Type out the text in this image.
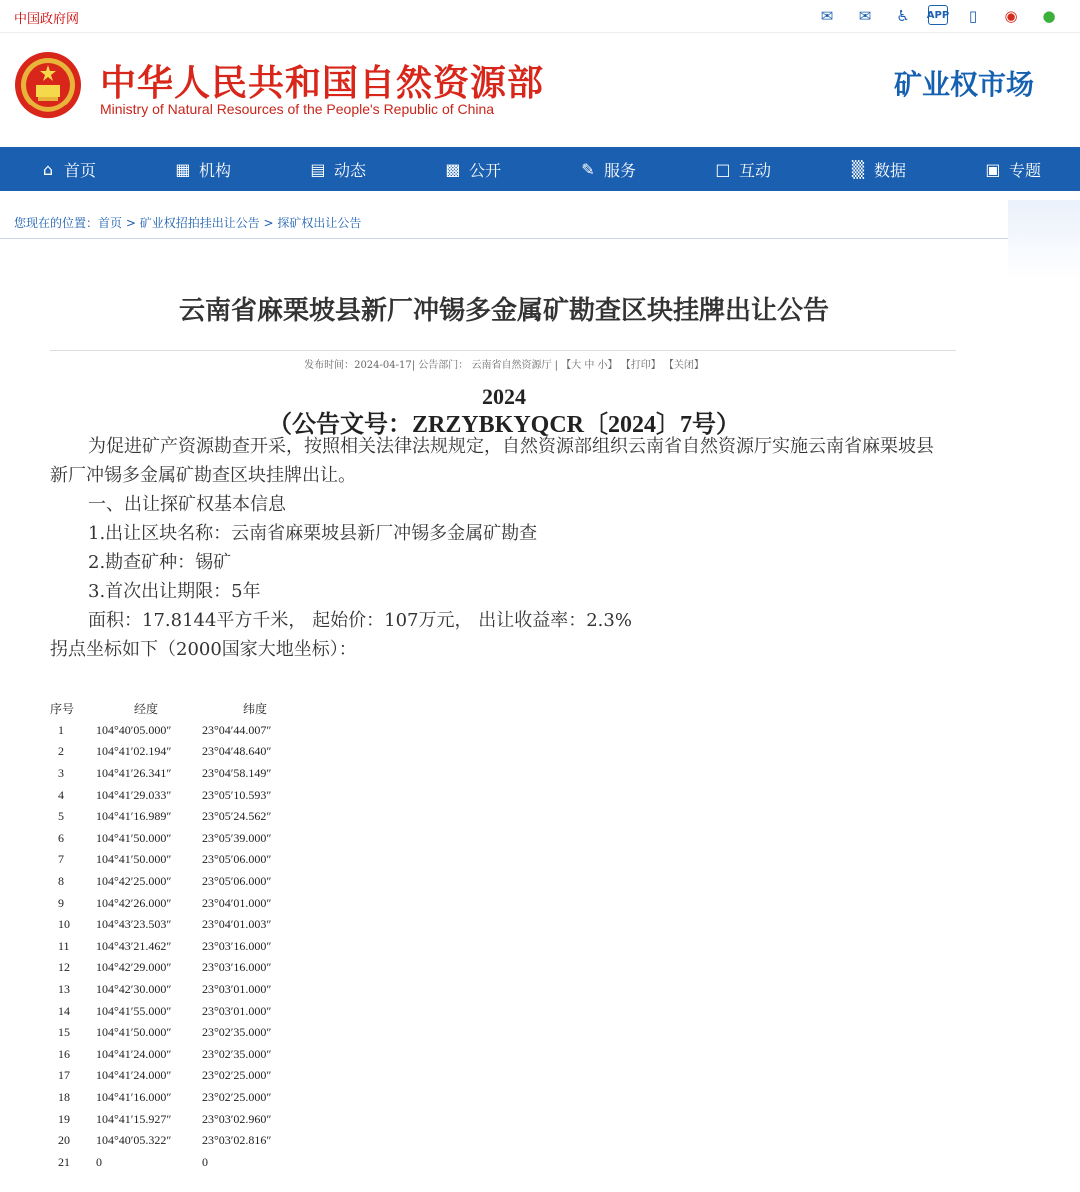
中国政府网	✉	✉	♿	APP	▯	◉	●
中华人民共和国自然资源部
Ministry of Natural Resources of the People's Republic of China
矿业权市场
⌂ 首页	▦ 机构	▤ 动态	▩ 公开	✎ 服务	□ 互动	▒ 数据	▣ 专题
您现在的位置：首页 > 矿业权招拍挂出让公告 > 探矿权出让公告
云南省麻栗坡县新厂冲锡多金属矿勘查区块挂牌出让公告
发布时间：2024-04-17| 公告部门： 云南省自然资源厅 | 【大 中 小】 【打印】 【关闭】
2024
（公告文号：ZRZYBKYQCR〔2024〕7号）

为促进矿产资源勘查开采，按照相关法律法规规定，自然资源部组织云南省自然资源厅实施云南省麻栗坡县新厂冲锡多金属矿勘查区块挂牌出让。

一、出让探矿权基本信息

1.出让区块名称：云南省麻栗坡县新厂冲锡多金属矿勘查

2.勘查矿种：锡矿

3.首次出让期限：5年

面积：17.8144平方千米， 起始价：107万元， 出让收益率：2.3%

拐点坐标如下（2000国家大地坐标）：

序号	经度	纬度
1	104°40′05.000″	23°04′44.007″
2	104°41′02.194″	23°04′48.640″
3	104°41′26.341″	23°04′58.149″
4	104°41′29.033″	23°05′10.593″
5	104°41′16.989″	23°05′24.562″
6	104°41′50.000″	23°05′39.000″
7	104°41′50.000″	23°05′06.000″
8	104°42′25.000″	23°05′06.000″
9	104°42′26.000″	23°04′01.000″
10	104°43′23.503″	23°04′01.003″
11	104°43′21.462″	23°03′16.000″
12	104°42′29.000″	23°03′16.000″
13	104°42′30.000″	23°03′01.000″
14	104°41′55.000″	23°03′01.000″
15	104°41′50.000″	23°02′35.000″
16	104°41′24.000″	23°02′35.000″
17	104°41′24.000″	23°02′25.000″
18	104°41′16.000″	23°02′25.000″
19	104°41′15.927″	23°03′02.960″
20	104°40′05.322″	23°03′02.816″
21	0	0
